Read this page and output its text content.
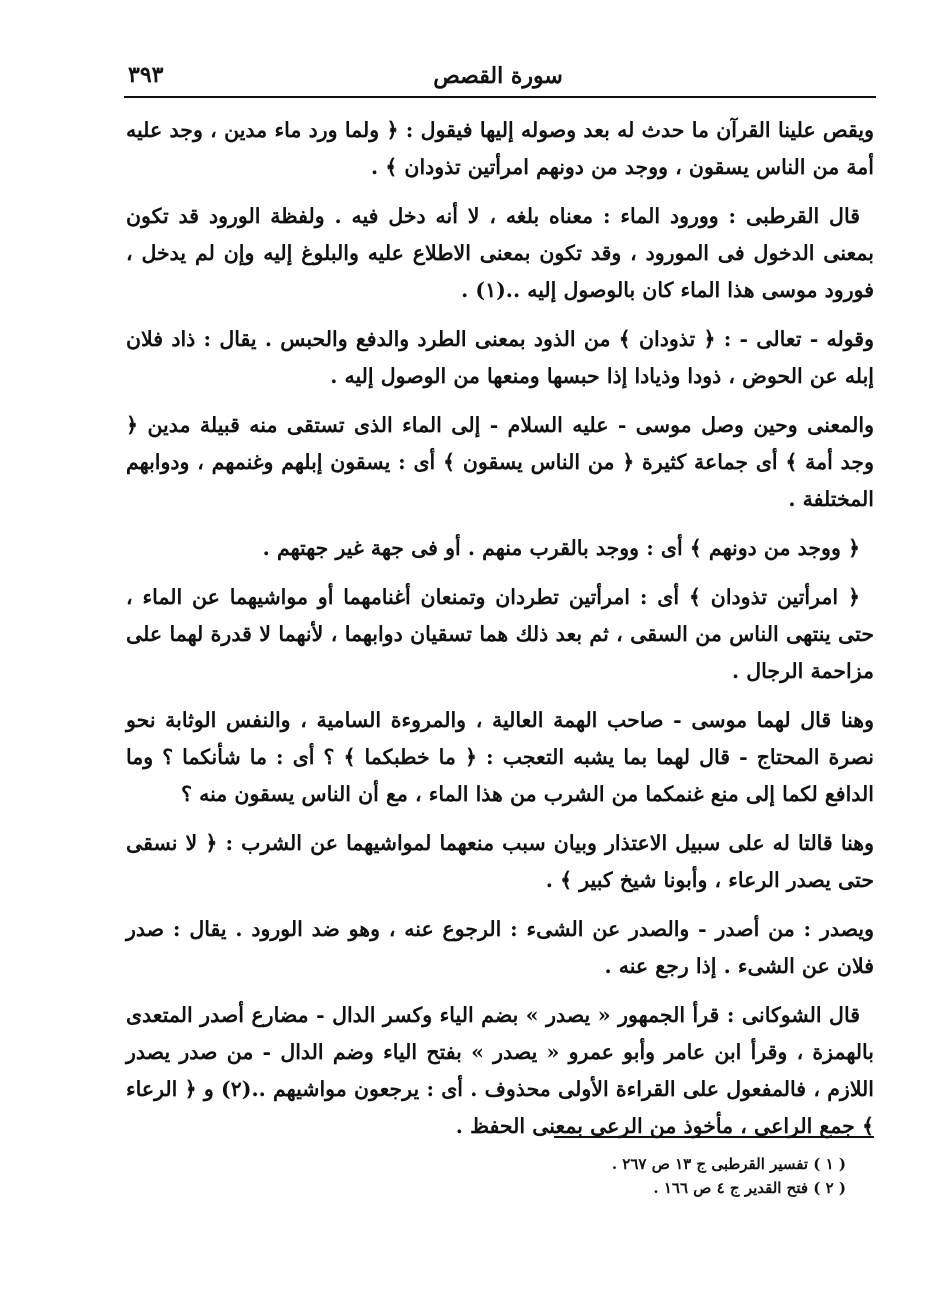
سورة القصص
٣٩٣

ويقص علينا القرآن ما حدث له بعد وصوله إليها فيقول : ﴿ ولما ورد ماء مدين ، وجد عليه أمة من الناس يسقون ، ووجد من دونهم امرأتين تذودان ﴾ .

قال القرطبى : وورود الماء : معناه بلغه ، لا أنه دخل فيه . ولفظة الورود قد تكون بمعنى الدخول فى المورود ، وقد تكون بمعنى الاطلاع عليه والبلوغ إليه وإن لم يدخل ، فورود موسى هذا الماء كان بالوصول إليه ..(١) .

وقوله - تعالى - : ﴿ تذودان ﴾ من الذود بمعنى الطرد والدفع والحبس . يقال : ذاد فلان إبله عن الحوض ، ذودا وذيادا إذا حبسها ومنعها من الوصول إليه .

والمعنى وحين وصل موسى - عليه السلام - إلى الماء الذى تستقى منه قبيلة مدين ﴿ وجد أمة ﴾ أى جماعة كثيرة ﴿ من الناس يسقون ﴾ أى : يسقون إبلهم وغنمهم ، ودوابهم المختلفة .

﴿ ووجد من دونهم ﴾ أى : ووجد بالقرب منهم . أو فى جهة غير جهتهم .

﴿ امرأتين تذودان ﴾ أى : امرأتين تطردان وتمنعان أغنامهما أو مواشيهما عن الماء ، حتى ينتهى الناس من السقى ، ثم بعد ذلك هما تسقيان دوابهما ، لأنهما لا قدرة لهما على مزاحمة الرجال .

وهنا قال لهما موسى - صاحب الهمة العالية ، والمروءة السامية ، والنفس الوثابة نحو نصرة المحتاج - قال لهما بما يشبه التعجب : ﴿ ما خطبكما ﴾ ؟ أى : ما شأنكما ؟ وما الدافع لكما إلى منع غنمكما من الشرب من هذا الماء ، مع أن الناس يسقون منه ؟

وهنا قالتا له على سبيل الاعتذار وبيان سبب منعهما لمواشيهما عن الشرب : ﴿ لا نسقى حتى يصدر الرعاء ، وأبونا شيخ كبير ﴾ .

ويصدر : من أصدر - والصدر عن الشىء : الرجوع عنه ، وهو ضد الورود . يقال : صدر فلان عن الشىء . إذا رجع عنه .

قال الشوكانى : قرأ الجمهور « يصدر » بضم الياء وكسر الدال - مضارع أصدر المتعدى بالهمزة ، وقرأ ابن عامر وأبو عمرو « يصدر » بفتح الياء وضم الدال - من صدر يصدر اللازم ، فالمفعول على القراءة الأولى محذوف . أى : يرجعون مواشيهم ..(٢) و ﴿ الرعاء ﴾ جمع الراعى ، مأخوذ من الرعى بمعنى الحفظ .

( ١ ) تفسير القرطبى ج ١٣ ص ٢٦٧ .
( ٢ ) فتح القدير ج ٤ ص ١٦٦ .
